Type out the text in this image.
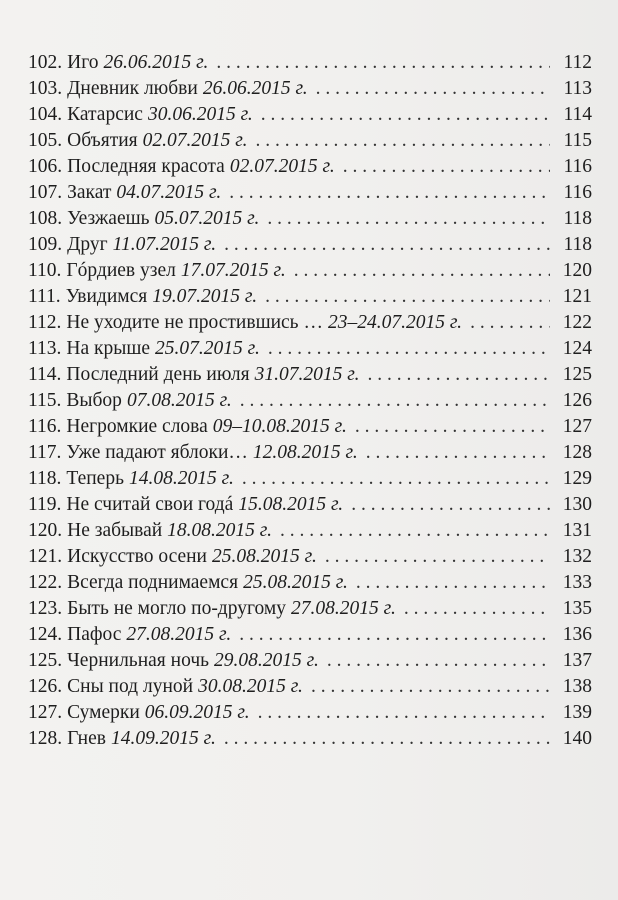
102. Иго 26.06.2015 г. . . .	112
103. Дневник любви 26.06.2015 г. . . .	113
104. Катарсис 30.06.2015 г. . . .	114
105. Объятия 02.07.2015 г. . . .	115
106. Последняя красота 02.07.2015 г. . . .	116
107. Закат 04.07.2015 г. . . .	116
108. Уезжаешь 05.07.2015 г. . . .	118
109. Друг 11.07.2015 г. . . .	118
110. Гóрдиев узел 17.07.2015 г. . . .	120
111. Увидимся 19.07.2015 г. . . .	121
112. Не уходите не простившись … 23–24.07.2015 г. . . .	122
113. На крыше 25.07.2015 г. . . .	124
114. Последний день июля 31.07.2015 г. . . .	125
115. Выбор 07.08.2015 г. . . .	126
116. Негромкие слова 09–10.08.2015 г. . . .	127
117. Уже падают яблоки… 12.08.2015 г. . . .	128
118. Теперь 14.08.2015 г. . . .	129
119. Не считай свои годá 15.08.2015 г. . . .	130
120. Не забывай 18.08.2015 г. . . .	131
121. Искусство осени 25.08.2015 г. . . .	132
122. Всегда поднимаемся 25.08.2015 г. . . .	133
123. Быть не могло по-другому 27.08.2015 г. . . .	135
124. Пафос 27.08.2015 г. . . .	136
125. Чернильная ночь 29.08.2015 г. . . .	137
126. Сны под луной 30.08.2015 г. . . .	138
127. Сумерки 06.09.2015 г. . . .	139
128. Гнев 14.09.2015 г. . . .	140
